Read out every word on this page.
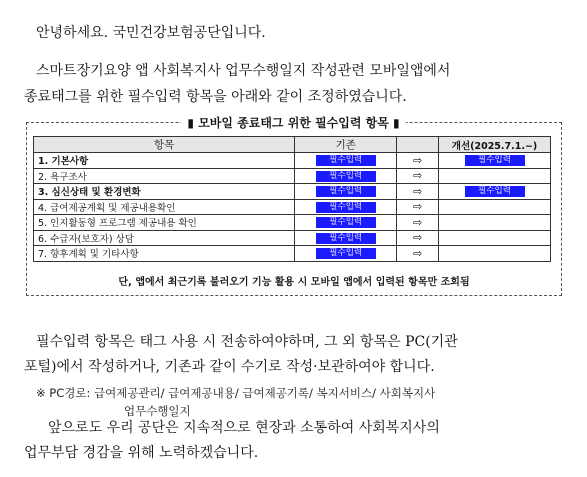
안녕하세요. 국민건강보험공단입니다.
스마트장기요양 앱 사회복지사 업무수행일지 작성관련 모바일앱에서
종료태그를 위한 필수입력 항목을 아래와 같이 조정하였습니다.
▮ 모바일 종료태그 위한 필수입력 항목 ▮
항목	기존		개선(2025.7.1.~)
1. 기본사항	필수입력	⇨	필수입력
2. 욕구조사	필수입력	⇨	
3. 심신상태 및 환경변화	필수입력	⇨	필수입력
4. 급여제공계획 및 제공내용확인	필수입력	⇨	
5. 인지활동형 프로그램 제공내용 확인	필수입력	⇨	
6. 수급자(보호자) 상담	필수입력	⇨	
7. 향후계획 및 기타사항	필수입력	⇨	
단, 앱에서 최근기록 불러오기 기능 활용 시 모바일 앱에서 입력된 항목만 조회됨
필수입력 항목은 태그 사용 시 전송하여야하며, 그 외 항목은 PC(기관
포털)에서 작성하거나, 기존과 같이 수기로 작성·보관하여야 합니다.
※ PC경로: 급여제공관리/ 급여제공내용/ 급여제공기록/ 복지서비스/ 사회복지사
업무수행일지
앞으로도 우리 공단은 지속적으로 현장과 소통하여 사회복지사의
업무부담 경감을 위해 노력하겠습니다.
